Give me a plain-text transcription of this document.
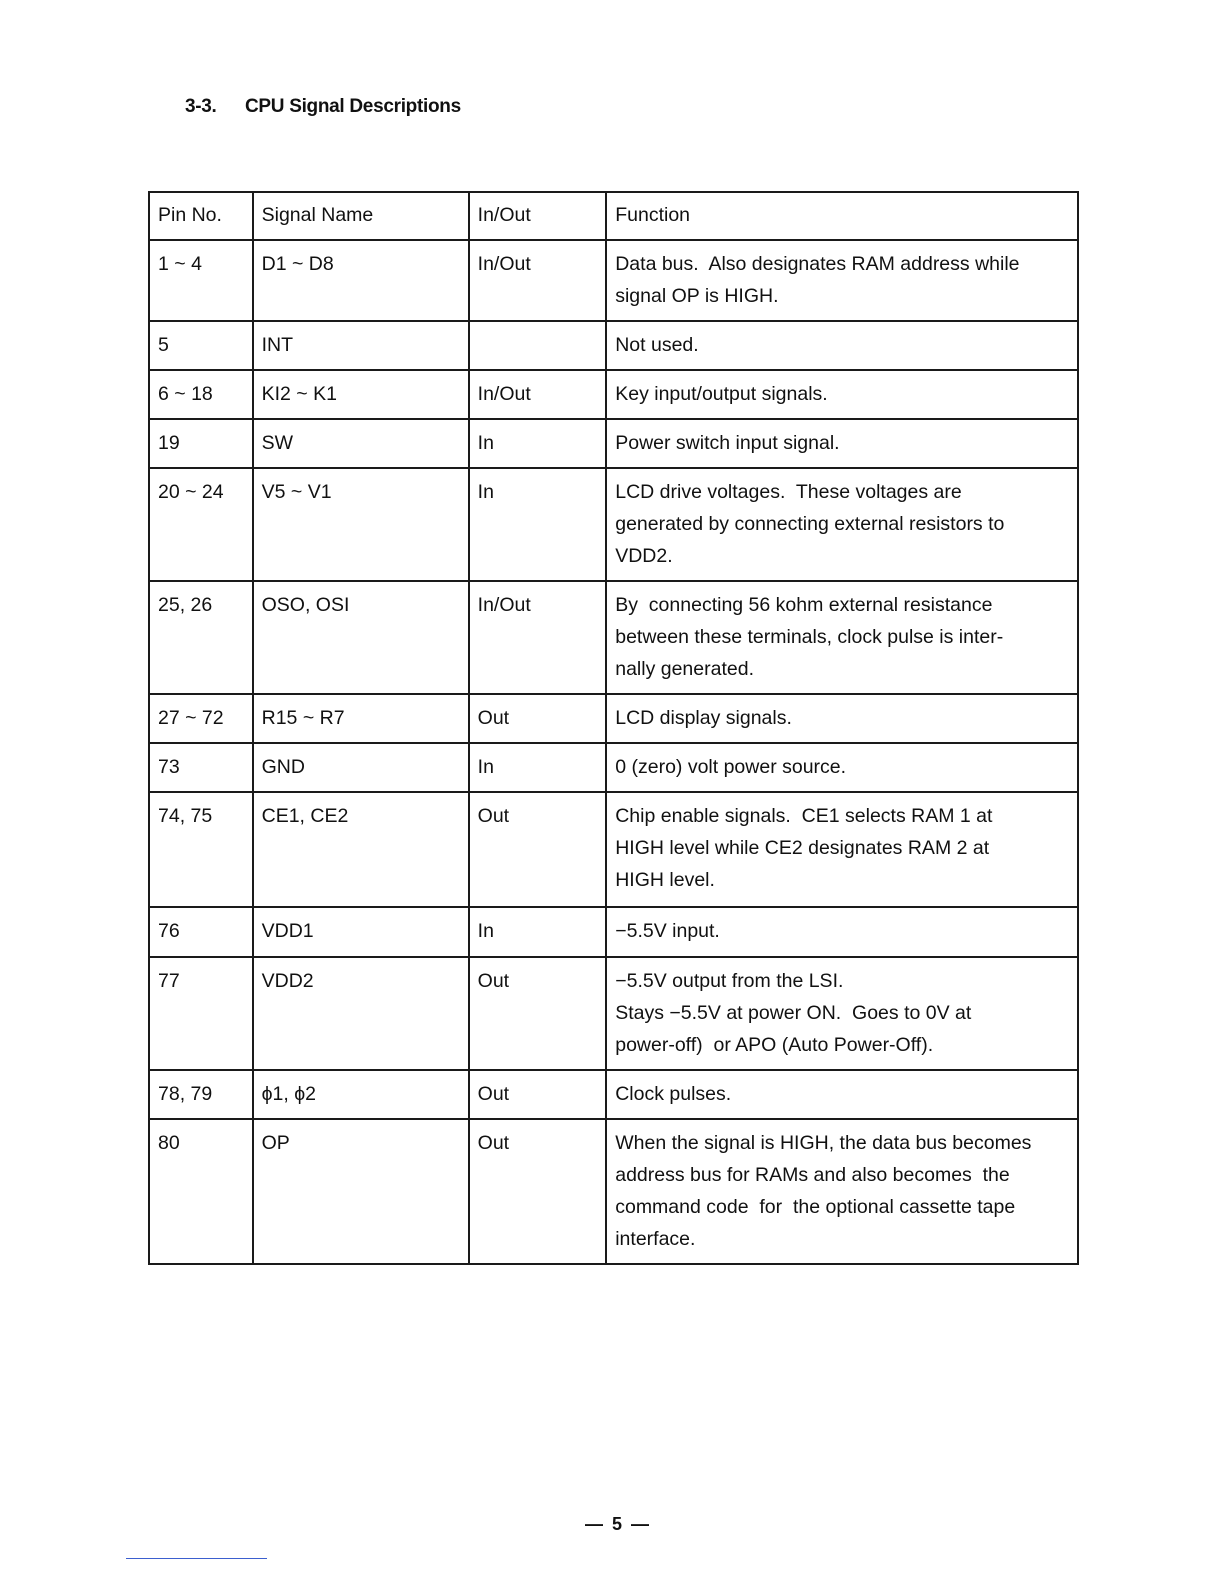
3-3. CPU Signal Descriptions
Pin No.	Signal Name	In/Out	Function
1 ~ 4	D1 ~ D8	In/Out	Data bus.  Also designates RAM address while
signal OP is HIGH.

5	INT		Not used.

6 ~ 18	KI2 ~ K1	In/Out	Key input/output signals.

19	SW	In	Power switch input signal.

20 ~ 24	V5 ~ V1	In	LCD drive voltages.  These voltages are
generated by connecting external resistors to
VDD2.

25, 26	OSO, OSI	In/Out	By  connecting 56 kohm external resistance
between these terminals, clock pulse is inter-
nally generated.

27 ~ 72	R15 ~ R7	Out	LCD display signals.

73	GND	In	0 (zero) volt power source.

74, 75	CE1, CE2	Out	Chip enable signals.  CE1 selects RAM 1 at
HIGH level while CE2 designates RAM 2 at
HIGH level.

76	VDD1	In	−5.5V input.

77	VDD2	Out	−5.5V output from the LSI.
Stays −5.5V at power ON.  Goes to 0V at
power-off)  or APO (Auto Power-Off).

78, 79	ϕ1, ϕ2	Out	Clock pulses.

80	OP	Out	When the signal is HIGH, the data bus becomes
address bus for RAMs and also becomes  the
command code  for  the optional cassette tape
interface.
— 5 —
